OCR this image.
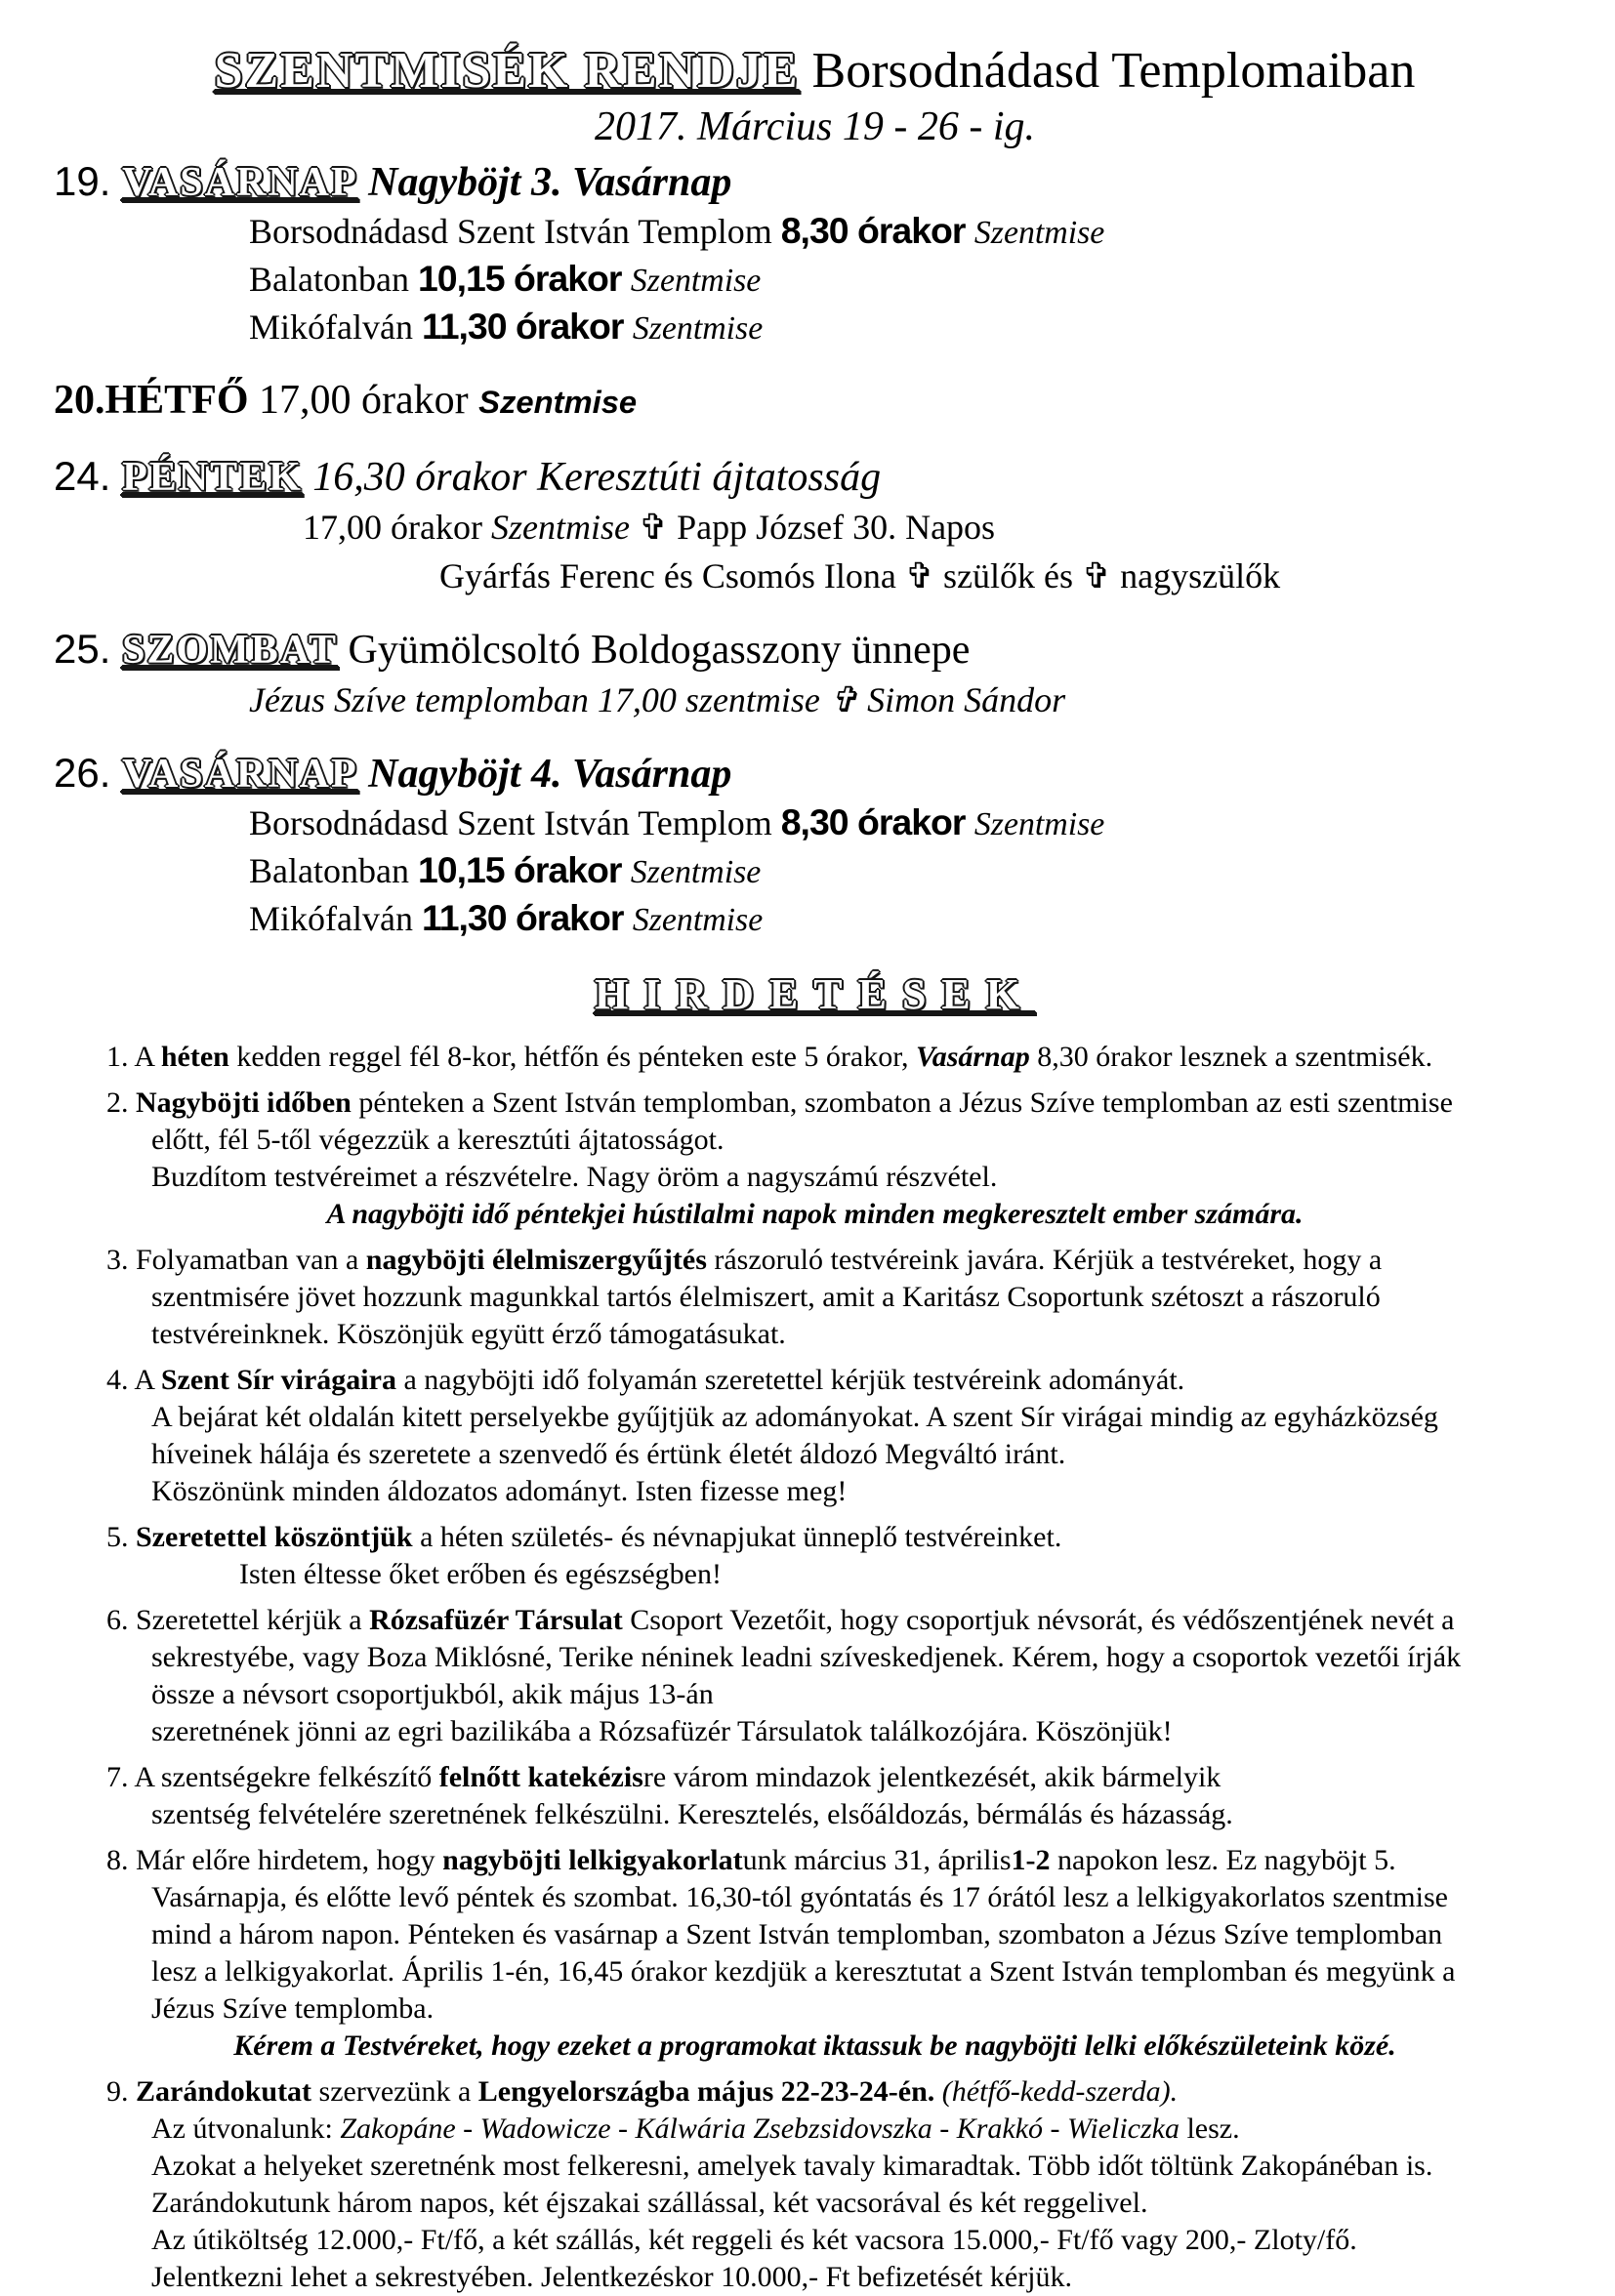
SZENTMISÉK RENDJE Borsodnádasd Templomaiban
2017. Március 19 - 26 - ig.
19. VASÁRNAP Nagyböjt 3. Vasárnap
Borsodnádasd Szent István Templom 8,30 órakor Szentmise
Balatonban 10,15 órakor Szentmise
Mikófalván 11,30 órakor Szentmise
20.HÉTFŐ 17,00 órakor Szentmise
24. PÉNTEK 16,30 órakor Keresztúti ájtatosság
17,00 órakor Szentmise ✞ Papp József 30. Napos
Gyárfás Ferenc és Csomós Ilona ✞ szülők és ✞ nagyszülők
25. SZOMBAT Gyümölcsoltó Boldogasszony ünnepe
Jézus Szíve templomban 17,00 szentmise ✞ Simon Sándor
26. VASÁRNAP Nagyböjt 4. Vasárnap
Borsodnádasd Szent István Templom 8,30 órakor Szentmise
Balatonban 10,15 órakor Szentmise
Mikófalván 11,30 órakor Szentmise
HIRDETÉSEK
1. A héten kedden reggel fél 8-kor, hétfőn és pénteken este 5 órakor, Vasárnap 8,30 órakor lesznek a szentmisék.
2. Nagyböjti időben pénteken a Szent István templomban, szombaton a Jézus Szíve templomban az esti szentmise
előtt, fél 5-től végezzük a keresztúti ájtatosságot.
Buzdítom testvéreimet a részvételre. Nagy öröm a nagyszámú részvétel.
A nagyböjti idő péntekjei hústilalmi napok minden megkeresztelt ember számára.
3. Folyamatban van a nagyböjti élelmiszergyűjtés rászoruló testvéreink javára. Kérjük a testvéreket, hogy a
szentmisére jövet hozzunk magunkkal tartós élelmiszert, amit a Karitász Csoportunk szétoszt a rászoruló
testvéreinknek. Köszönjük együtt érző támogatásukat.
4. A Szent Sír virágaira a nagyböjti idő folyamán szeretettel kérjük testvéreink adományát.
A bejárat két oldalán kitett perselyekbe gyűjtjük az adományokat. A szent Sír virágai mindig az egyházközség
híveinek hálája és szeretete a szenvedő és értünk életét áldozó Megváltó iránt.
Köszönünk minden áldozatos adományt. Isten fizesse meg!
5. Szeretettel köszöntjük a héten születés- és névnapjukat ünneplő testvéreinket.
Isten éltesse őket erőben és egészségben!
6. Szeretettel kérjük a Rózsafüzér Társulat Csoport Vezetőit, hogy csoportjuk névsorát, és védőszentjének nevét a
sekrestyébe, vagy Boza Miklósné, Terike néninek leadni szíveskedjenek. Kérem, hogy a csoportok vezetői írják
össze a névsort csoportjukból, akik május 13-án
szeretnének jönni az egri bazilikába a Rózsafüzér Társulatok találkozójára. Köszönjük!
7. A szentségekre felkészítő felnőtt katekézisre várom mindazok jelentkezését, akik bármelyik
szentség felvételére szeretnének felkészülni. Keresztelés, elsőáldozás, bérmálás és házasság.
8. Már előre hirdetem, hogy nagyböjti lelkigyakorlatunk március 31, április1-2 napokon lesz. Ez nagyböjt 5.
Vasárnapja, és előtte levő péntek és szombat. 16,30-tól gyóntatás és 17 órától lesz a lelkigyakorlatos szentmise
mind a három napon. Pénteken és vasárnap a Szent István templomban, szombaton a Jézus Szíve templomban
lesz a lelkigyakorlat. Április 1-én, 16,45 órakor kezdjük a keresztutat a Szent István templomban és megyünk a
Jézus Szíve templomba.
Kérem a Testvéreket, hogy ezeket a programokat iktassuk be nagyböjti lelki előkészületeink közé.
9. Zarándokutat szervezünk a Lengyelországba május 22-23-24-én. (hétfő-kedd-szerda).
Az útvonalunk: Zakopáne - Wadowicze - Kálwária Zsebzsidovszka - Krakkó - Wieliczka lesz.
Azokat a helyeket szeretnénk most felkeresni, amelyek tavaly kimaradtak. Több időt töltünk Zakopánéban is.
Zarándokutunk három napos, két éjszakai szállással, két vacsorával és két reggelivel.
Az útiköltség 12.000,- Ft/fő, a két szállás, két reggeli és két vacsora 15.000,- Ft/fő vagy 200,- Zloty/fő.
Jelentkezni lehet a sekrestyében. Jelentkezéskor 10.000,- Ft befizetését kérjük.
